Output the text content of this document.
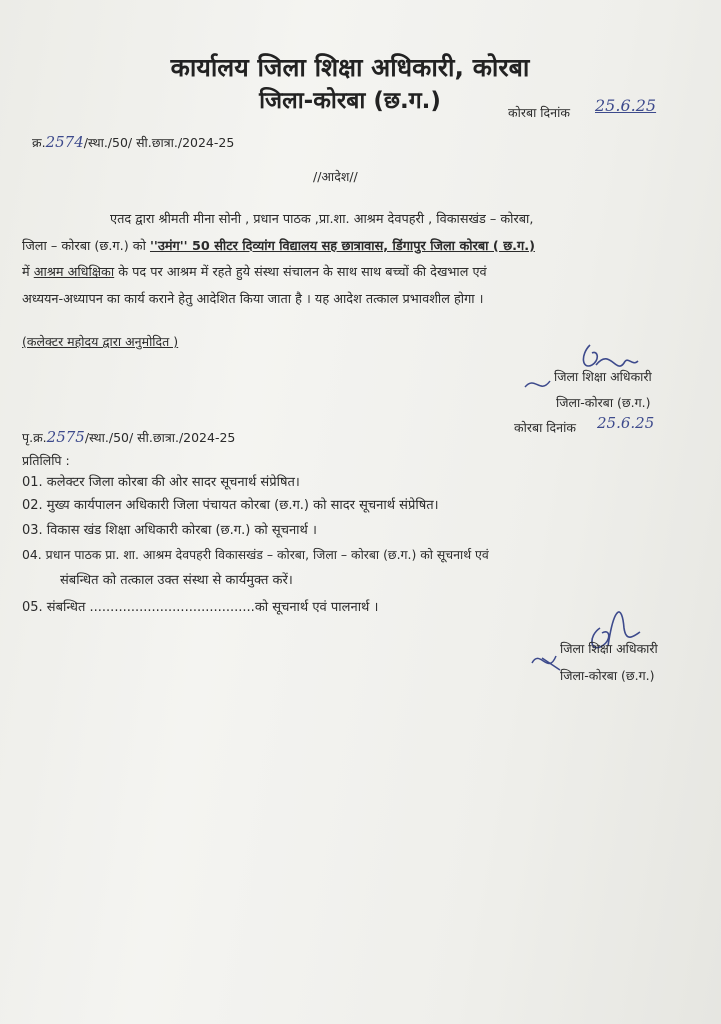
कार्यालय जिला शिक्षा अधिकारी, कोरबा
जिला-कोरबा (छ.ग.)	कोरबा दिनांक 25.6.25
क्र.2574/स्था./50/ सी.छात्रा./2024-25
//आदेश//
एतद द्वारा श्रीमती मीना सोनी , प्रधान पाठक ,प्रा.शा. आश्रम देवपहरी , विकासखंड – कोरबा,
जिला – कोरबा (छ.ग.) को ''उमंग'' 50 सीटर दिव्यांग विद्यालय सह छात्रावास, डिंगापुर जिला कोरबा ( छ.ग.)
में आश्रम अधिक्षिका के पद पर आश्रम में रहते हुये संस्था संचालन के साथ साथ बच्चों की देखभाल एवं
अध्ययन-अध्यापन का कार्य कराने हेतु आदेशित किया जाता है । यह आदेश तत्काल प्रभावशील होगा ।
(कलेक्टर महोदय द्वारा अनुमोदित )
जिला शिक्षा अधिकारी
जिला-कोरबा (छ.ग.)
कोरबा दिनांक 25.6.25
पृ.क्र.2575/स्था./50/ सी.छात्रा./2024-25
प्रतिलिपि :
01. कलेक्टर जिला कोरबा की ओर सादर सूचनार्थ संप्रेषित।
02. मुख्य कार्यपालन अधिकारी जिला पंचायत कोरबा (छ.ग.) को सादर सूचनार्थ संप्रेषित।
03. विकास खंड शिक्षा अधिकारी कोरबा (छ.ग.) को सूचनार्थ ।
04. प्रधान पाठक प्रा. शा. आश्रम देवपहरी विकासखंड – कोरबा, जिला – कोरबा (छ.ग.) को सूचनार्थ एवं
संबन्धित को तत्काल उक्त संस्था से कार्यमुक्त करें।
05. संबन्धित ........................................को सूचनार्थ एवं पालनार्थ ।
जिला शिक्षा अधिकारी
जिला-कोरबा (छ.ग.)
